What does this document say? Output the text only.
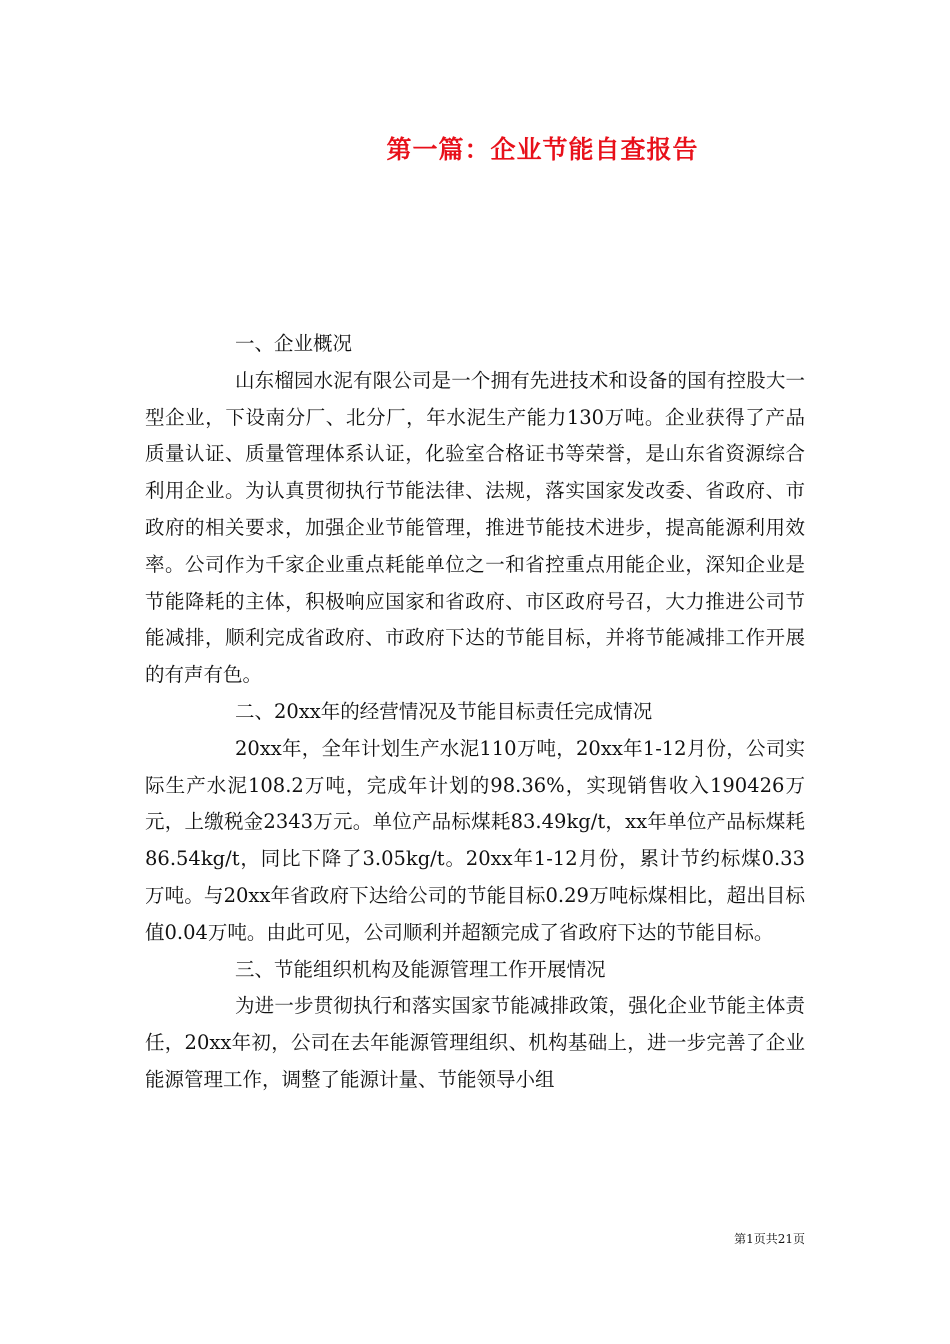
第一篇：企业节能自查报告

一、企业概况

山东榴园水泥有限公司是一个拥有先进技术和设备的国有控股大一型企业，下设南分厂、北分厂，年水泥生产能力130万吨。企业获得了产品质量认证、质量管理体系认证，化验室合格证书等荣誉，是山东省资源综合利用企业。为认真贯彻执行节能法律、法规，落实国家发改委、省政府、市政府的相关要求，加强企业节能管理，推进节能技术进步，提高能源利用效率。公司作为千家企业重点耗能单位之一和省控重点用能企业，深知企业是节能降耗的主体，积极响应国家和省政府、市区政府号召，大力推进公司节能减排，顺利完成省政府、市政府下达的节能目标，并将节能减排工作开展的有声有色。

二、20xx年的经营情况及节能目标责任完成情况

20xx年，全年计划生产水泥110万吨，20xx年1-12月份，公司实际生产水泥108.2万吨，完成年计划的98.36%，实现销售收入190426万元，上缴税金2343万元。单位产品标煤耗83.49kg/t，xx年单位产品标煤耗86.54kg/t，同比下降了3.05kg/t。20xx年1-12月份，累计节约标煤0.33万吨。与20xx年省政府下达给公司的节能目标0.29万吨标煤相比，超出目标值0.04万吨。由此可见，公司顺利并超额完成了省政府下达的节能目标。

三、节能组织机构及能源管理工作开展情况

为进一步贯彻执行和落实国家节能减排政策，强化企业节能主体责任，20xx年初，公司在去年能源管理组织、机构基础上，进一步完善了企业能源管理工作，调整了能源计量、节能领导小组

第1页共21页
